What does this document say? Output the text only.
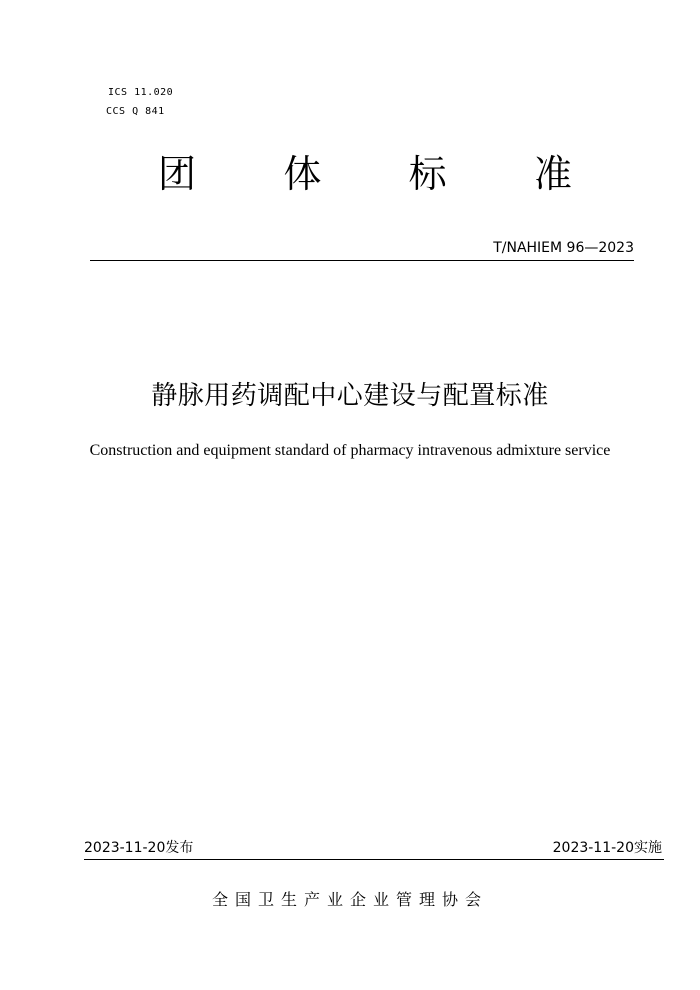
ICS 11.020
CCS Q 841
团 体 标 准
T/NAHIEM 96—2023
静脉用药调配中心建设与配置标准
Construction and equipment standard of pharmacy intravenous admixture service
2023-11-20发布	2023-11-20实施
全国卫生产业企业管理协会
